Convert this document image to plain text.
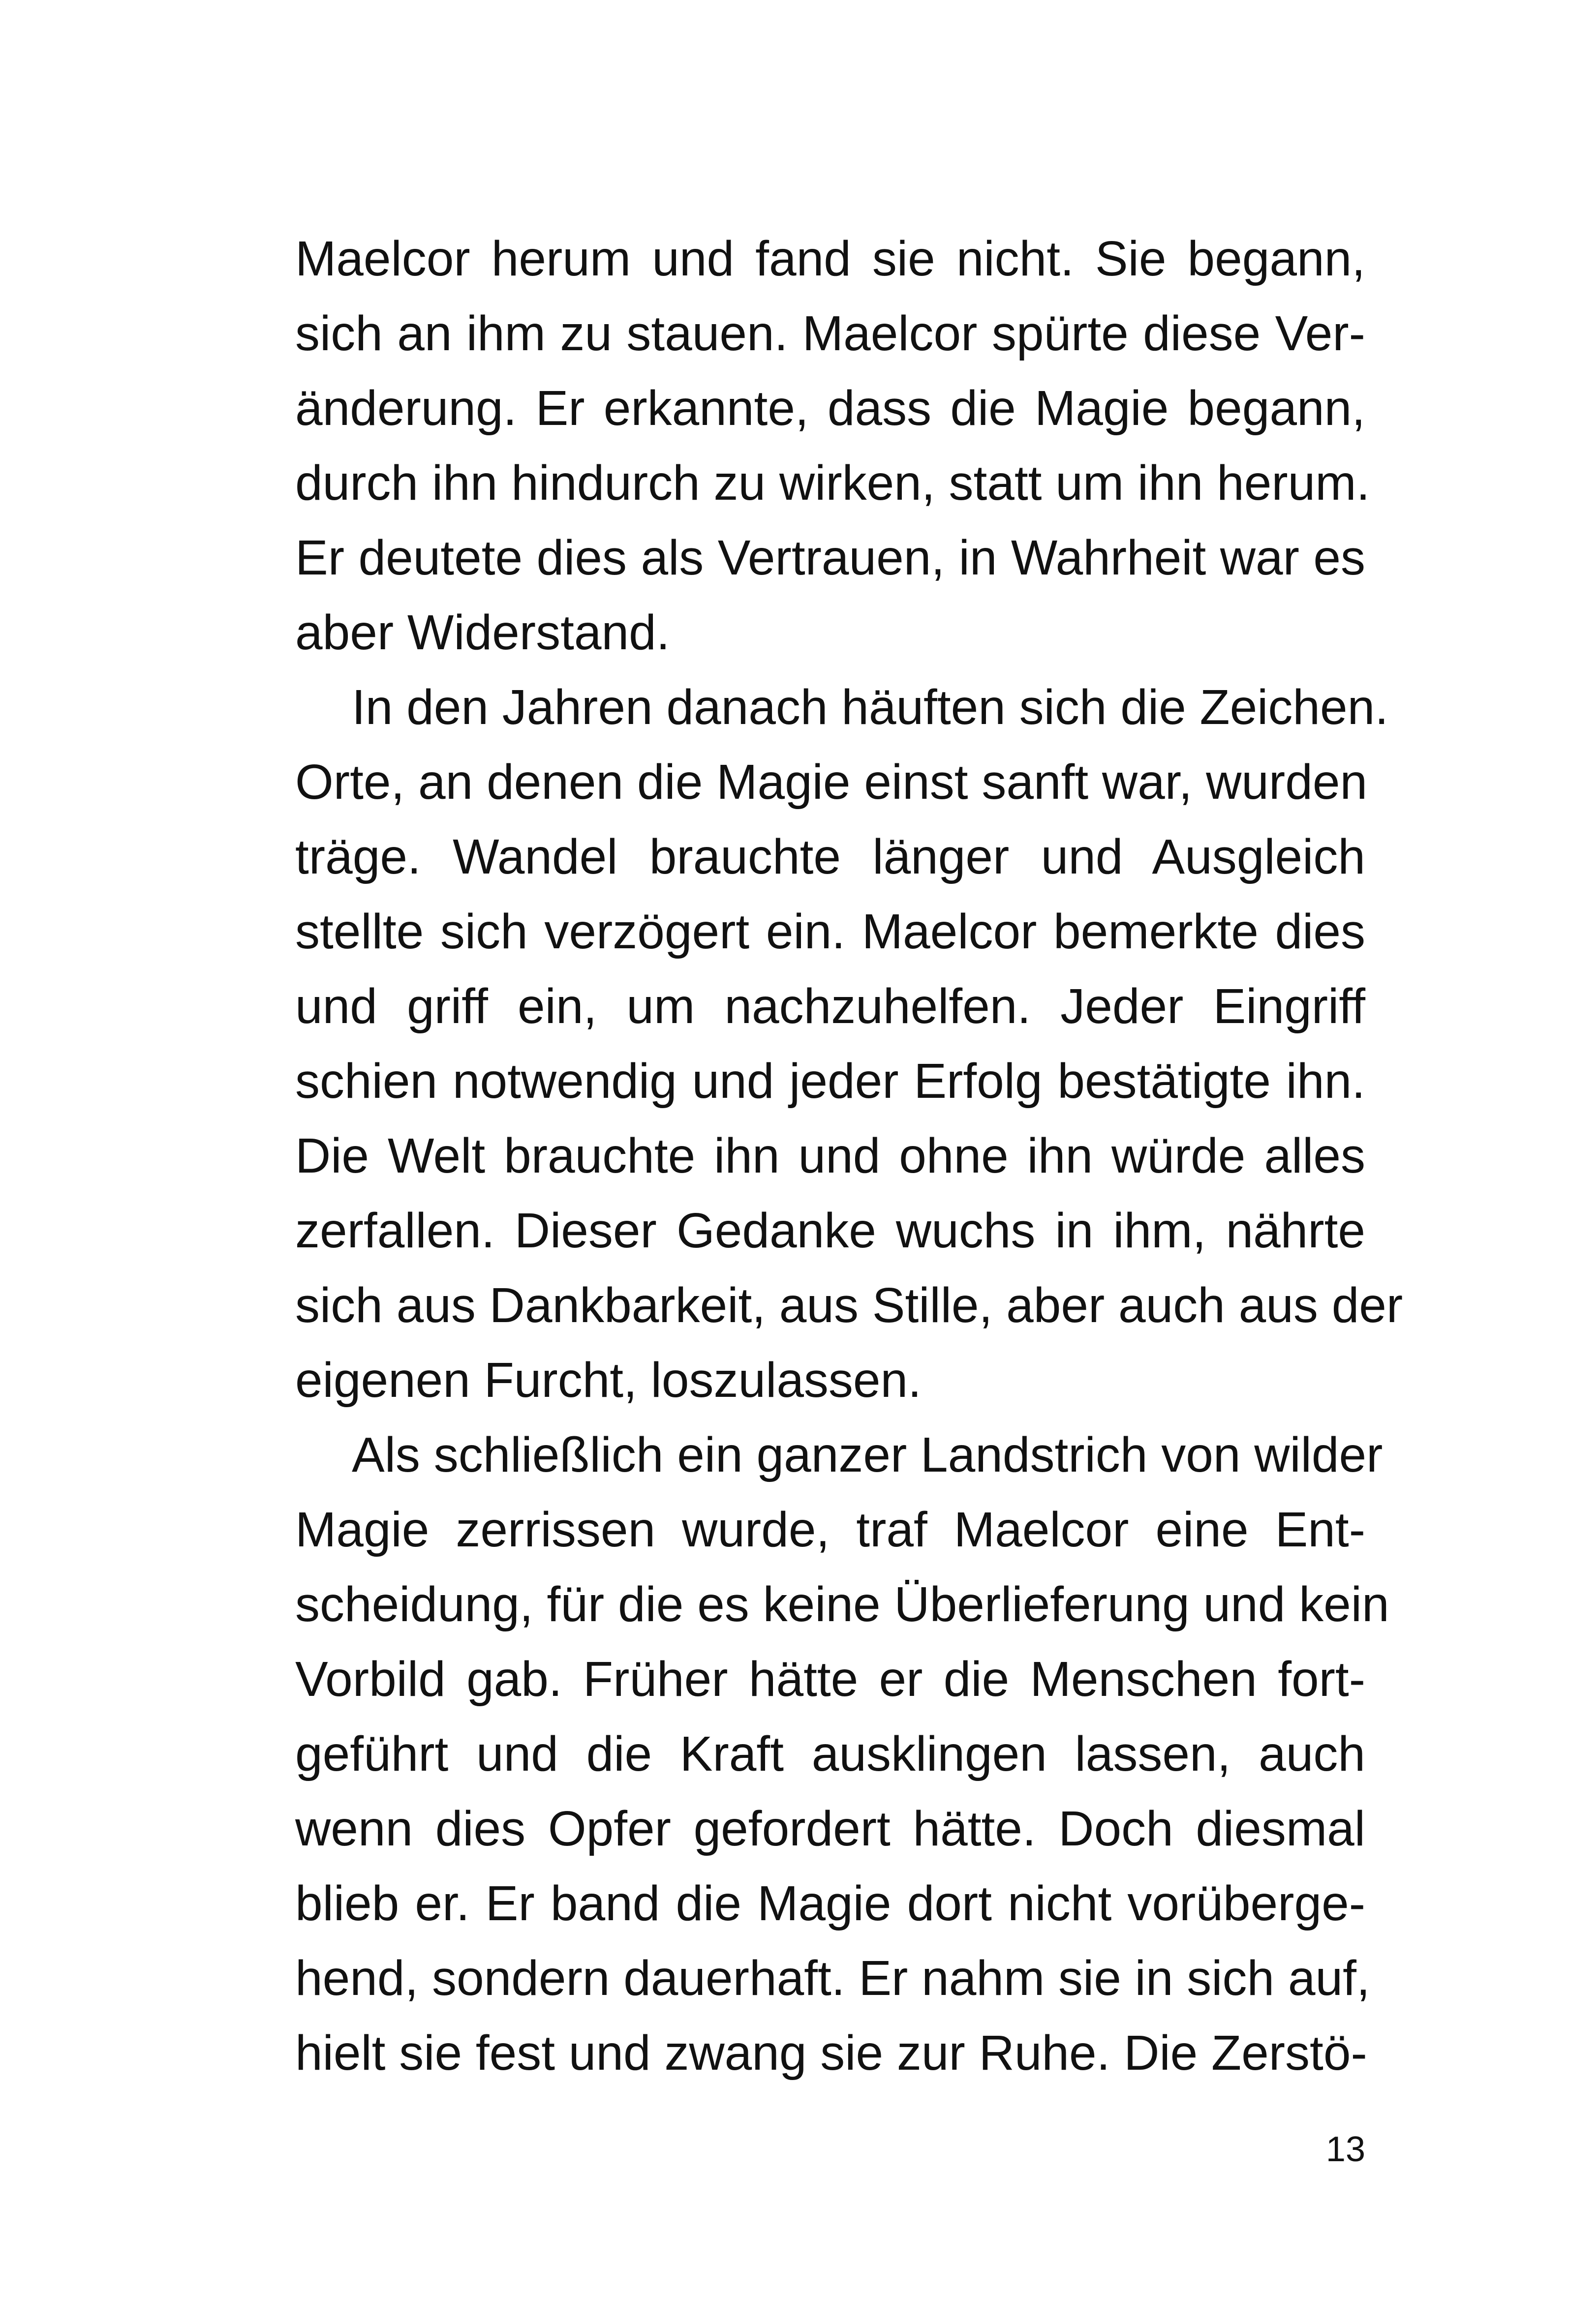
Maelcor herum und fand sie nicht. Sie begann,
sich an ihm zu stauen. Maelcor spürte diese Ver-
änderung. Er erkannte, dass die Magie begann,
durch ihn hindurch zu wirken, statt um ihn herum.
Er deutete dies als Vertrauen, in Wahrheit war es
aber Widerstand.
In den Jahren danach häuften sich die Zeichen.
Orte, an denen die Magie einst sanft war, wurden
träge. Wandel brauchte länger und Ausgleich
stellte sich verzögert ein. Maelcor bemerkte dies
und griff ein, um nachzuhelfen. Jeder Eingriff
schien notwendig und jeder Erfolg bestätigte ihn.
Die Welt brauchte ihn und ohne ihn würde alles
zerfallen. Dieser Gedanke wuchs in ihm, nährte
sich aus Dankbarkeit, aus Stille, aber auch aus der
eigenen Furcht, loszulassen.
Als schließlich ein ganzer Landstrich von wilder
Magie zerrissen wurde, traf Maelcor eine Ent-
scheidung, für die es keine Überlieferung und kein
Vorbild gab. Früher hätte er die Menschen fort-
geführt und die Kraft ausklingen lassen, auch
wenn dies Opfer gefordert hätte. Doch diesmal
blieb er. Er band die Magie dort nicht vorüberge-
hend, sondern dauerhaft. Er nahm sie in sich auf,
hielt sie fest und zwang sie zur Ruhe. Die Zerstö-
13
